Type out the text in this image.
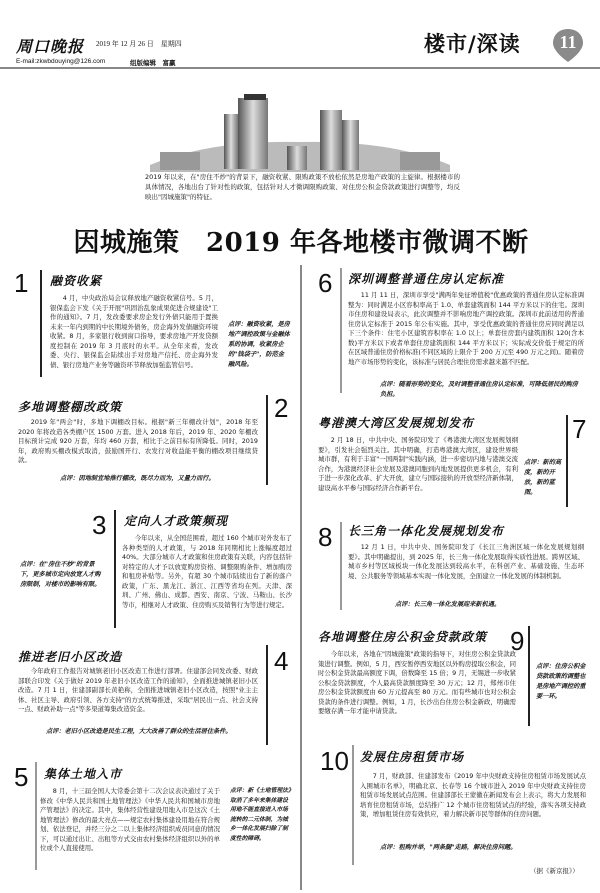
周口晚报 2019 年 12 月 26 日　星期四
E-mail:zkwbdouying@126.com	组版编辑　富赢
楼市/深读	11
2019 年以来，在"房住不炒"的背景下，融资收紧、限购政策不放松依然是房地产政策的主旋律。根据楼市的具体情况，各地出台了针对性的政策，包括针对人才微调限购政策、对住房公积金贷款政策进行调整等，均反映出"因城施策"的特征。
因城施策　2019 年各地楼市微调不断
1 融资收紧
4 月，中央政治局会议释放地产融资收紧信号。5 月，银保监会下发《关于开展"巩固治乱象成果促进合规建设"工作的通知》。7 月，发改委要求房企发行外债只能用于置换未来一年内到期的中长期境外债务，房企海外发债融资环境收紧。8 月，多家银行收到窗口指导，要求房地产开发贷额度控制在 2019 年 3 月底时的水平。从全年来看，发改委、央行、银保监会陆续出手对房地产信托、房企海外发债、银行房地产业务等融资环节释放加强监管信号。
点评：融资收紧，是房地产调控政策与金融体系的协调，收紧房企的"钱袋子"，防范金融风险。
多地调整棚改政策
2019 年"两会"时，多地下调棚改目标。根据"新三年棚改计划"，2018 年至 2020 年将改造各类棚户区 1500 万套。进入 2018 年后，2019 年、2020 年棚改目标预计完成 920 万套，年均 460 万套，相比于之前目标有所降低。同时，2019 年，政府购买棚改模式取消，鼓励国开行、农发行对收益能平衡的棚改项目继续贷款。
点评：因地制宜地推行棚改，既尽力而为，又量力而行。
2
3 定向人才政策频现
今年以来，从全国范围看，超过 160 个城市对外发布了各种类型的人才政策，与 2018 年同期相比上涨幅度超过 40%。大部分城市人才政策和住房政策有关联，内容包括针对特定的人才予以放宽购房资格、调整限购条件、增加购房和租房补贴等。另外，有超 30 个城市陆续出台了新的落户政策，广东、黑龙江、浙江、江西等省均在列。天津、深圳、广州、佛山、成都、西安、南京、宁波、马鞍山、长沙等市，相继对人才政策、住房购买及销售行为等进行规定。
点评：在"房住不炒"的背景下，更多城市定向放宽人才购房限制，对楼市的影响有限。
推进老旧小区改造
今年政府工作报告对城镇老旧小区改造工作进行部署。住建部会同发改委、财政部联合印发《关于做好 2019 年老旧小区改造工作的通知》，全面推进城镇老旧小区改造。7 月 1 日，住建部副部长黄艳称，全面推进城镇老旧小区改造，按照"业主主体、社区主导、政府引领、各方支持"的方式统筹推进，采取"居民出一点、社会支持一点、财政补助一点"等多渠道筹集改造资金。
点评：老旧小区改造是民生工程，大大改善了群众的生活居住条件。
4
5 集体土地入市
8 月，十三届全国人大常委会第十二次会议表决通过了关于修改《中华人民共和国土地管理法》《中华人民共和国城市房地产管理法》的决定。其中，集体经营性建设用地入市是这次《土地管理法》修改的最大亮点——规定农村集体建设用地在符合规划、依法登记，并经三分之二以上集体经济组织成员同意的情况下，可以通过出让、出租等方式交由农村集体经济组织以外的单位或个人直接使用。
点评：新《土地管理法》取消了多年来集体建设用地不能直接进入市场流转的二元体制，为城乡一体化发展扫除了制度性的障碍。
6 深圳调整普通住房认定标准
11 月 11 日，深圳市享受"满两年免征增值税"优惠政策的普通住房认定标准调整为：同时满足小区容积率高于 1.0、单套建筑面积 144 平方米以下的住宅。深圳市住房和建设局表示，此次调整并不影响房地产调控政策。深圳市此前适用的普通住房认定标准于 2015 年公布实施。其中，享受优惠政策的普通住房应同时满足以下三个条件：住宅小区建筑容积率在 1.0 以上；单套住房套内建筑面积 120(含本数)平方米以下或者单套住房建筑面积 144 平方米以下；实际成交价低于规定的所在区域普通住房价格标准(不同区域的上限介于 200 万元至 490 万元之间)。随着房地产市场形势的变化，该标准与居民合理住房需求越来越不匹配。
点评：随着形势的变化，及时调整普通住房认定标准，可降低居民的购房负担。
粤港澳大湾区发展规划发布
2 月 18 日，中共中央、国务院印发了《粤港澳大湾区发展规划纲要》，引发社会强烈关注。其中明确，打造粤港澳大湾区，建设世界级城市群，有利于丰富"一国两制"实践内涵，进一步密切内地与港澳交流合作，为港澳经济社会发展及港澳同胞到内地发展提供更多机会，有利于进一步深化改革、扩大开放，建立与国际接轨的开放型经济新体制，建设高水平参与国际经济合作新平台。
点评：新的高度，新的开放，新的蓝图。
7
8 长三角一体化发展规划发布
12 月 1 日，中共中央、国务院印发了《长江三角洲区域一体化发展规划纲要》。其中明确提出，到 2025 年，长三角一体化发展取得实质性进展。跨界区域、城市乡村等区域板块一体化发展达到较高水平，在科创产业、基础设施、生态环境、公共服务等领域基本实现一体化发展，全面建立一体化发展的体制机制。
点评：长三角一体化发展迎来新机遇。
各地调整住房公积金贷款政策
今年以来，各地在"因城施策"政策的指导下，对住房公积金贷款政策进行调整。例如，5 月，西安暂停西安地区以外购房提取公积金，同时公积金贷款最高额度下调，倍数降至 15 倍；9 月，无锡进一步收紧公积金贷款额度，个人最高贷款额度降至 30 万元；12 月，郑州市住房公积金贷款额度由 60 万元提高至 80 万元。而有些城市也对公积金贷款的条件进行调整。例如，1 月，长沙出台住房公积金新政，明确需要缴存满一年才能申请贷款。
9
点评：住房公积金贷款政策的调整也是房地产调控的重要一环。
10 发展住房租赁市场
7 月，财政部、住建部发布《2019 年中央财政支持住房租赁市场发展试点入围城市名单》，明确北京、长春等 16 个城市进入 2019 年中央财政支持住房租赁市场发展试点范围。住建部部长王蒙徽在新闻发布会上表示，将大力发展和培育住房租赁市场，总结推广 12 个城市住房租赁试点的经验，落实各项支持政策，增加租赁住房有效供应，着力解决新市民等群体的住房问题。
点评：租购并举，"两条腿"走路，解决住房问题。
（据《新京报》）
